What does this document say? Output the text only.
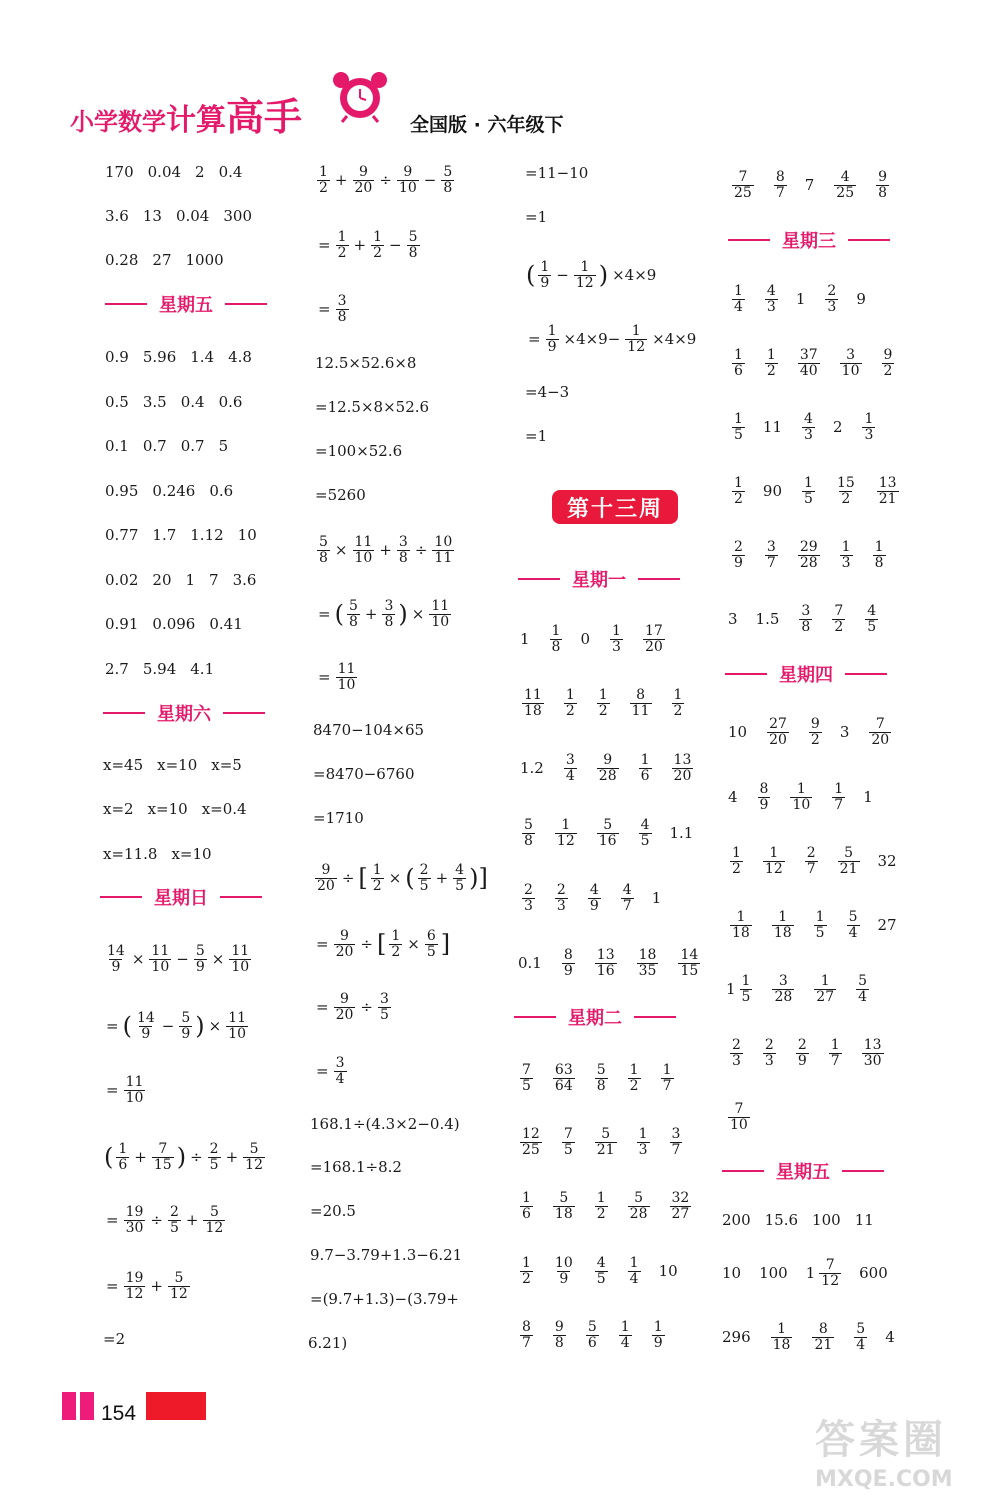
小学数学计算高手	全国版 · 六年级下
170 0.04 2 0.4
3.6 13 0.04 300
0.28 27 1000
星期五
0.9 5.96 1.4 4.8
0.5 3.5 0.4 0.6
0.1 0.7 0.7 5
0.95 0.246 0.6
0.77 1.7 1.12 10
0.02 20 1 7 3.6
0.91 0.096 0.41
2.7 5.94 4.1
星期六
x=45 x=10 x=5
x=2 x=10 x=0.4
x=11.8 x=10
星期日
$\frac{14}{9} \times \frac{11}{10} - \frac{5}{9} \times \frac{11}{10}$
= ( $\frac{14}{9} - \frac{5}{9}$ ) × $\frac{11}{10}$
= $\frac{11}{10}$
( $\frac{1}{6} + \frac{7}{15}$ ) ÷ $\frac{2}{5} + \frac{5}{12}$
= $\frac{19}{30} \div \frac{2}{5} + \frac{5}{12}$
= $\frac{19}{12} + \frac{5}{12}$
=2
$\frac{1}{2} + \frac{9}{20} \div \frac{9}{10} - \frac{5}{8}$
= $\frac{1}{2} + \frac{1}{2} - \frac{5}{8}$
= $\frac{3}{8}$
12.5×52.6×8
=12.5×8×52.6
=100×52.6
=5260
$\frac{5}{8} \times \frac{11}{10} + \frac{3}{8} \div \frac{10}{11}$
= ( $\frac{5}{8} + \frac{3}{8}$ ) × $\frac{11}{10}$
= $\frac{11}{10}$
8470−104×65
=8470−6760
=1710
$\frac{9}{20}$ ÷ [ $\frac{1}{2}$ × ( $\frac{2}{5} + \frac{4}{5}$ )]
= $\frac{9}{20}$ ÷ [ $\frac{1}{2} \times \frac{6}{5}$ ]
= $\frac{9}{20} \div \frac{3}{5}$
= $\frac{3}{4}$
168.1÷(4.3×2−0.4)
=168.1÷8.2
=20.5
9.7−3.79+1.3−6.21
=(9.7+1.3)−(3.79+
6.21)
=11−10
=1
( $\frac{1}{9} - \frac{1}{12}$ ) ×4×9
= $\frac{1}{9} \times 4\times 9- \frac{1}{12} \times 4\times 9$
=4−3
=1
第十三周
星期一
$1 \frac{1}{8} 0 \frac{1}{3} \frac{17}{20}$
$\frac{11}{18} \frac{1}{2} \frac{1}{2} \frac{8}{11} \frac{1}{2}$
$1.2 \frac{3}{4} \frac{9}{28} \frac{1}{6} \frac{13}{20}$
$\frac{5}{8} \frac{1}{12} \frac{5}{16} \frac{4}{5} 1.1$
$\frac{2}{3} \frac{2}{3} \frac{4}{9} \frac{4}{7} 1$
$0.1 \frac{8}{9} \frac{13}{16} \frac{18}{35} \frac{14}{15}$
星期二
$\frac{7}{5} \frac{63}{64} \frac{5}{8} \frac{1}{2} \frac{1}{7}$
$\frac{12}{25} \frac{7}{5} \frac{5}{21} \frac{1}{3} \frac{3}{7}$
$\frac{1}{6} \frac{5}{18} \frac{1}{2} \frac{5}{28} \frac{32}{27}$
$\frac{1}{2} \frac{10}{9} \frac{4}{5} \frac{1}{4} 10$
$\frac{8}{7} \frac{9}{8} \frac{5}{6} \frac{1}{4} \frac{1}{9}$
$\frac{7}{25} \frac{8}{7} 7 \frac{4}{25} \frac{9}{8}$
星期三
$\frac{1}{4} \frac{4}{3} 1 \frac{2}{3} 9$
$\frac{1}{6} \frac{1}{2} \frac{37}{40} \frac{3}{10} \frac{9}{2}$
$\frac{1}{5} 11 \frac{4}{3} 2 \frac{1}{3}$
$\frac{1}{2} 90 \frac{1}{5} \frac{15}{2} \frac{13}{21}$
$\frac{2}{9} \frac{3}{7} \frac{29}{28} \frac{1}{3} \frac{1}{8}$
3 $1.5 \frac{3}{8} \frac{7}{2} \frac{4}{5}$
星期四
$10 \frac{27}{20} \frac{9}{2} 3 \frac{7}{20}$
$4 \frac{8}{9} \frac{1}{10} \frac{1}{7} 1$
$\frac{1}{2} \frac{1}{12} \frac{2}{7} \frac{5}{21} 32$
$\frac{1}{18} \frac{1}{18} \frac{1}{5} \frac{5}{4} 27$
$1 \frac{1}{5} \frac{3}{28} \frac{1}{27} \frac{5}{4}$
$\frac{2}{3} \frac{2}{3} \frac{2}{9} \frac{1}{7} \frac{13}{30}$
$\frac{7}{10}$
星期五
200 15.6 100 11
10 100 $1 \frac{7}{12} 600$
$296 \frac{1}{18} \frac{8}{21} \frac{5}{4} 4$
154
答案圈
MXQE.COM
